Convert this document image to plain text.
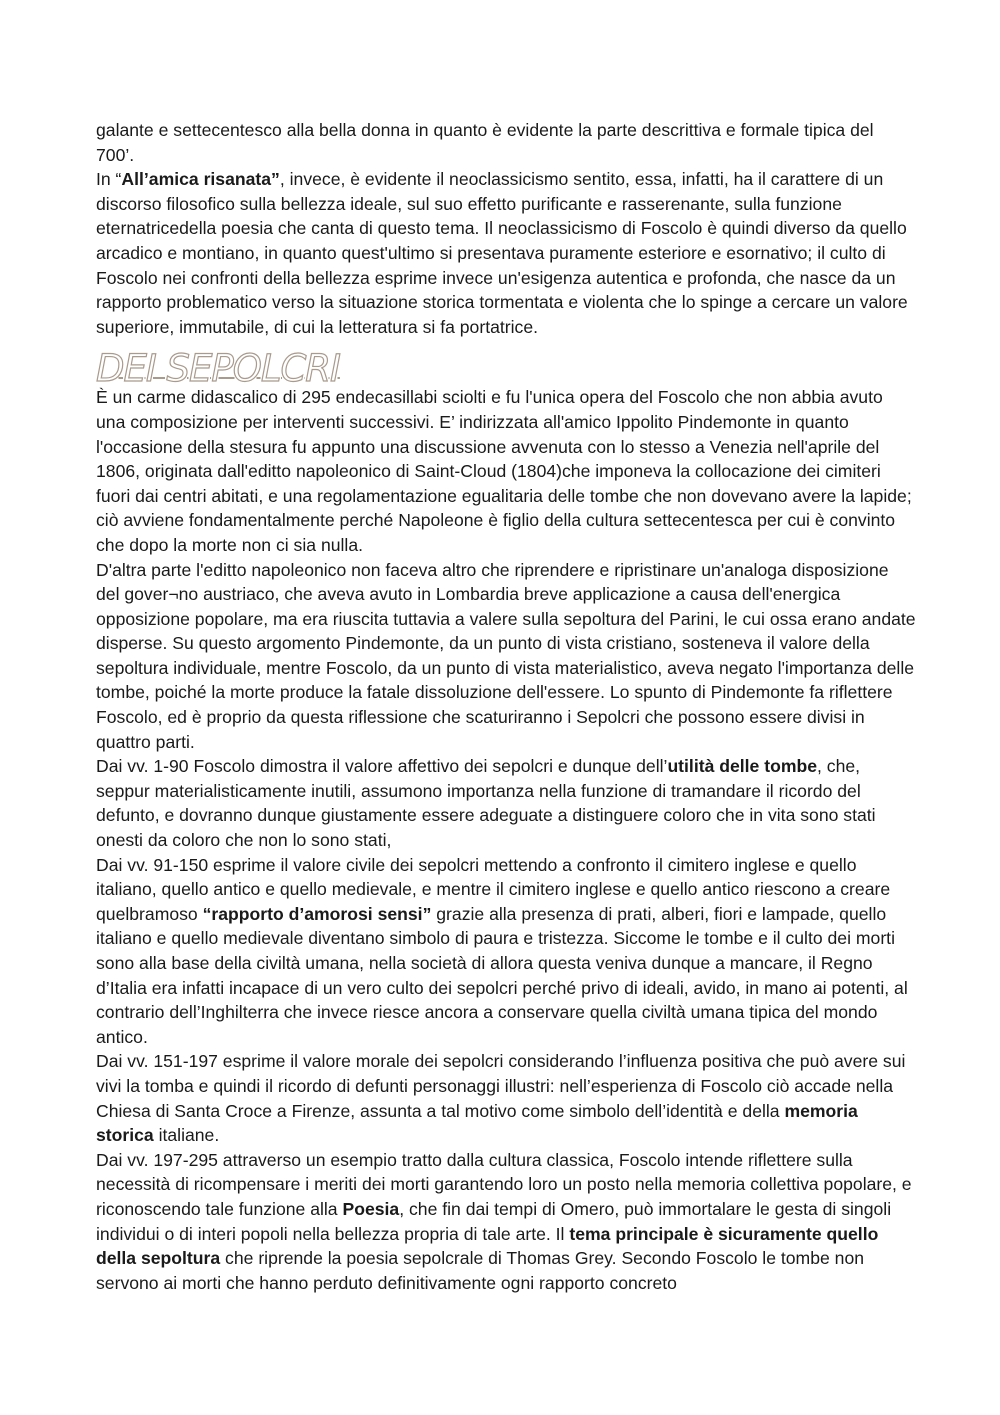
galante e settecentesco alla bella donna in quanto è evidente la parte descrittiva e formale tipica del 700’.

In “All’amica risanata”, invece, è evidente il neoclassicismo sentito, essa, infatti, ha il carattere di un discorso filosofico sulla bellezza ideale, sul suo effetto purificante e rasserenante, sulla funzione eternatricedella poesia che canta di questo tema. Il neoclassicismo di Foscolo è quindi diverso da quello arcadico e montiano, in quanto quest'ultimo si presentava puramente esteriore e esornativo; il culto di Foscolo nei confronti della bellezza esprime invece un'esigenza autentica e profonda, che nasce da un rapporto problematico verso la situazione storica tormentata e violenta che lo spinge a cercare un valore superiore, immutabile, di cui la letteratura si fa portatrice.

DEI SEPOLCRI

È un carme didascalico di 295 endecasillabi sciolti e fu l'unica opera del Foscolo che non abbia avuto una composizione per interventi successivi. E’ indirizzata all'amico Ippolito Pindemonte in quanto l'occasione della stesura fu appunto una discussione avvenuta con lo stesso a Venezia nell'aprile del 1806, originata dall'editto napoleonico di Saint-Cloud (1804)che imponeva la collocazione dei cimiteri fuori dai centri abitati, e una regolamentazione egualitaria delle tombe che non dovevano avere la lapide; ciò avviene fondamentalmente perché Napoleone è figlio della cultura settecentesca per cui è convinto che dopo la morte non ci sia nulla.

D'altra parte l'editto napoleonico non faceva altro che riprendere e ripristinare un'analoga disposizione del gover¬no austriaco, che aveva avuto in Lombardia breve applicazione a causa dell'energica opposizione popolare, ma era riuscita tuttavia a valere sulla sepoltura del Parini, le cui ossa erano andate disperse. Su questo argomento Pindemonte, da un punto di vista cristiano, sosteneva il valore della sepoltura individuale, mentre Foscolo, da un punto di vista materialistico, aveva negato l'importanza delle tombe, poiché la morte produce la fatale dissoluzione dell'essere. Lo spunto di Pindemonte fa riflettere Foscolo, ed è proprio da questa riflessione che scaturiranno i Sepolcri che possono essere divisi in quattro parti.

Dai vv. 1-90 Foscolo dimostra il valore affettivo dei sepolcri e dunque dell’utilità delle tombe, che, seppur materialisticamente inutili, assumono importanza nella funzione di tramandare il ricordo del defunto, e dovranno dunque giustamente essere adeguate a distinguere coloro che in vita sono stati onesti da coloro che non lo sono stati,

Dai vv. 91-150 esprime il valore civile dei sepolcri mettendo a confronto il cimitero inglese e quello italiano, quello antico e quello medievale, e mentre il cimitero inglese e quello antico riescono a creare quelbramoso “rapporto d’amorosi sensi” grazie alla presenza di prati, alberi, fiori e lampade, quello italiano e quello medievale diventano simbolo di paura e tristezza. Siccome le tombe e il culto dei morti sono alla base della civiltà umana, nella società di allora questa veniva dunque a mancare, il Regno d’Italia era infatti incapace di un vero culto dei sepolcri perché privo di ideali, avido, in mano ai potenti, al contrario dell’Inghilterra che invece riesce ancora a conservare quella civiltà umana tipica del mondo antico.

Dai vv. 151-197 esprime il valore morale dei sepolcri considerando l’influenza positiva che può avere sui vivi la tomba e quindi il ricordo di defunti personaggi illustri: nell’esperienza di Foscolo ciò accade nella Chiesa di Santa Croce a Firenze, assunta a tal motivo come simbolo dell’identità e della memoria storica italiane.

Dai vv. 197-295 attraverso un esempio tratto dalla cultura classica, Foscolo intende riflettere sulla necessità di ricompensare i meriti dei morti garantendo loro un posto nella memoria collettiva popolare, e riconoscendo tale funzione alla Poesia, che fin dai tempi di Omero, può immortalare le gesta di singoli individui o di interi popoli nella bellezza propria di tale arte. Il tema principale è sicuramente quello della sepoltura che riprende la poesia sepolcrale di Thomas Grey. Secondo Foscolo le tombe non servono ai morti che hanno perduto definitivamente ogni rapporto concreto
